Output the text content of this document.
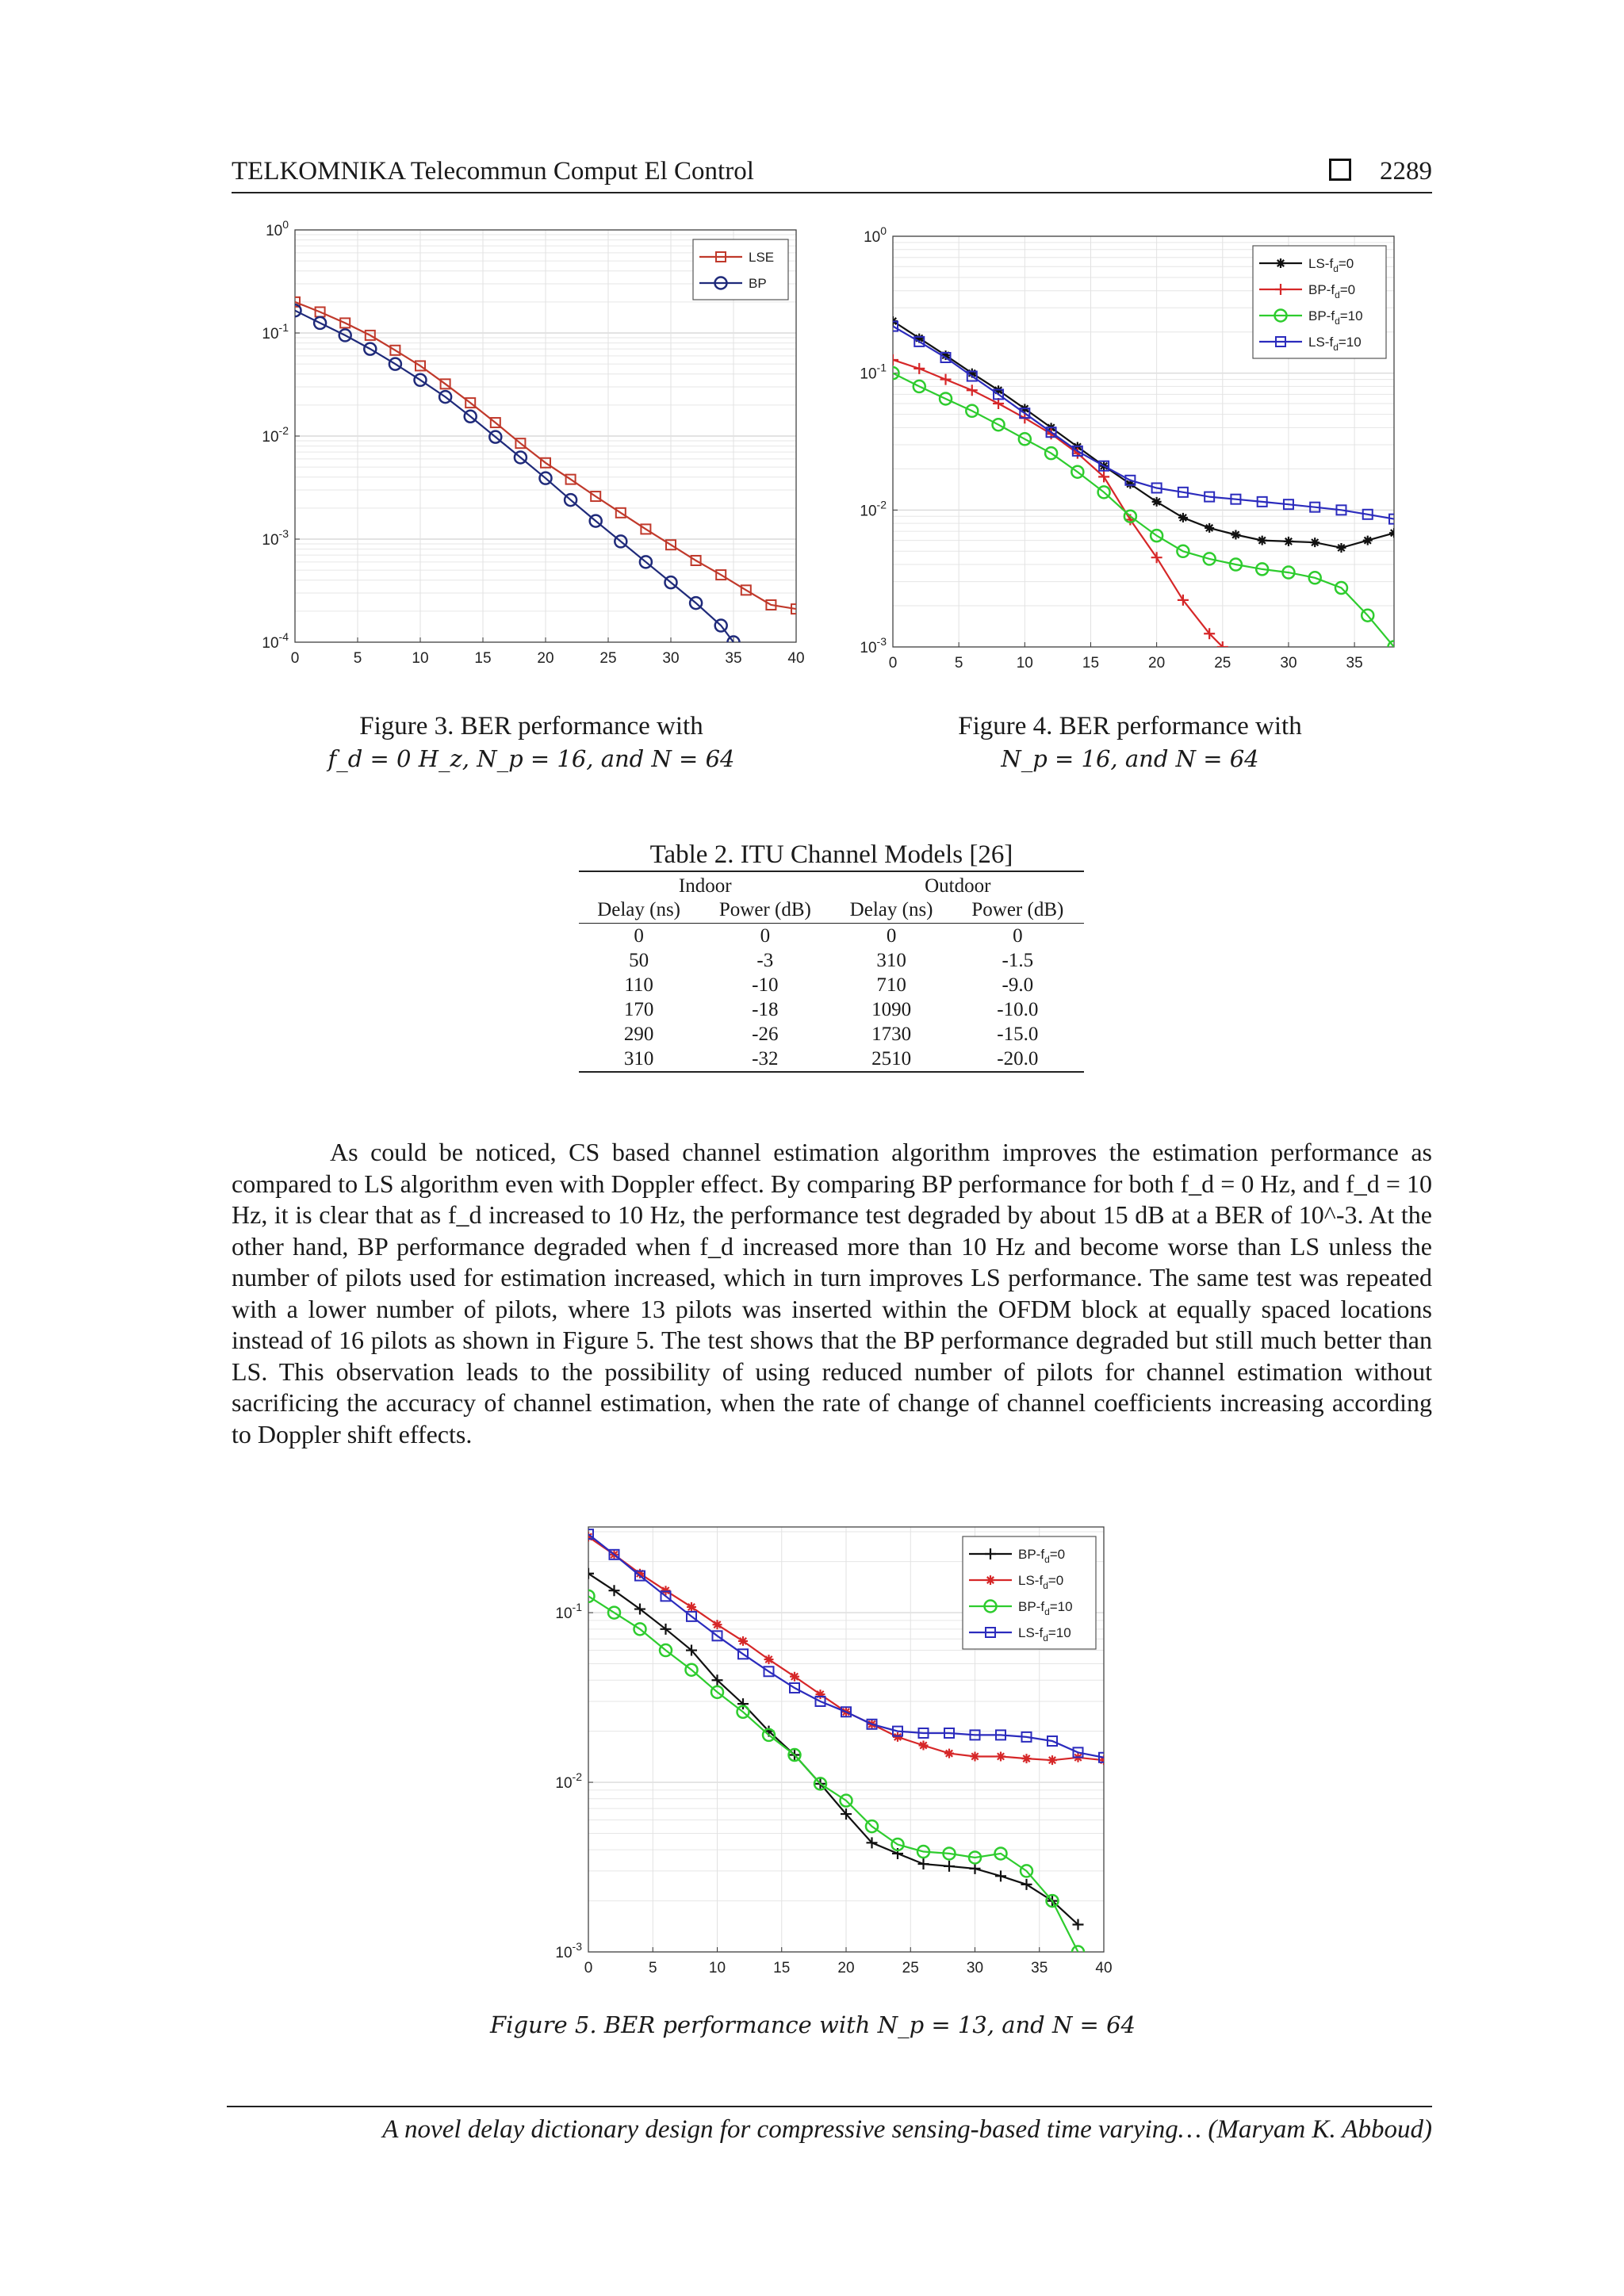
TELKOMNIKA Telecommun Comput El Control	2289
$10^0$
$10^{-1}$
$10^{-2}$
$10^{-3}$
$10^{-4}$
0	5	10	15	20	25	30	35	40
LSE
BP
Figure 3. BER performance with
f_d = 0 H_z, N_p = 16, and N = 64
$10^0$
$10^{-1}$
$10^{-2}$
$10^{-3}$
0	5	10	15	20	25	30	35
$LS-f_d=0$
$BP-f_d=0$
$BP-f_d=10$
$LS-f_d=10$
Figure 4. BER performance with
N_p = 16, and N = 64
Table 2. ITU Channel Models [26]
Indoor		Outdoor	
Delay (ns)	Power (dB)	Delay (ns)	Power (dB)
0	0	0	0
50	-3	310	-1.5
110	-10	710	-9.0
170	-18	1090	-10.0
290	-26	1730	-15.0
310	-32	2510	-20.0

As could be noticed, CS based channel estimation algorithm improves the estimation performance as compared to LS algorithm even with Doppler effect. By comparing BP performance for both f_d = 0 Hz, and f_d = 10 Hz, it is clear that as f_d increased to 10 Hz, the performance test degraded by about 15 dB at a BER of 10^-3. At the other hand, BP performance degraded when f_d increased more than 10 Hz and become worse than LS unless the number of pilots used for estimation increased, which in turn improves LS performance. The same test was repeated with a lower number of pilots, where 13 pilots was inserted within the OFDM block at equally spaced locations instead of 16 pilots as shown in Figure 5. The test shows that the BP performance degraded but still much better than LS. This observation leads to the possibility of using reduced number of pilots for channel estimation without sacrificing the accuracy of channel estimation, when the rate of change of channel coefficients increasing according to Doppler shift effects.

$10^{-1}$
$10^{-2}$
$10^{-3}$
0	5	10	15	20	25	30	35	40
$BP-f_d=0$
$LS-f_d=0$
$BP-f_d=10$
$LS-f_d=10$
Figure 5. BER performance with N_p = 13, and N = 64
A novel delay dictionary design for compressive sensing-based time varying… (Maryam K. Abboud)
